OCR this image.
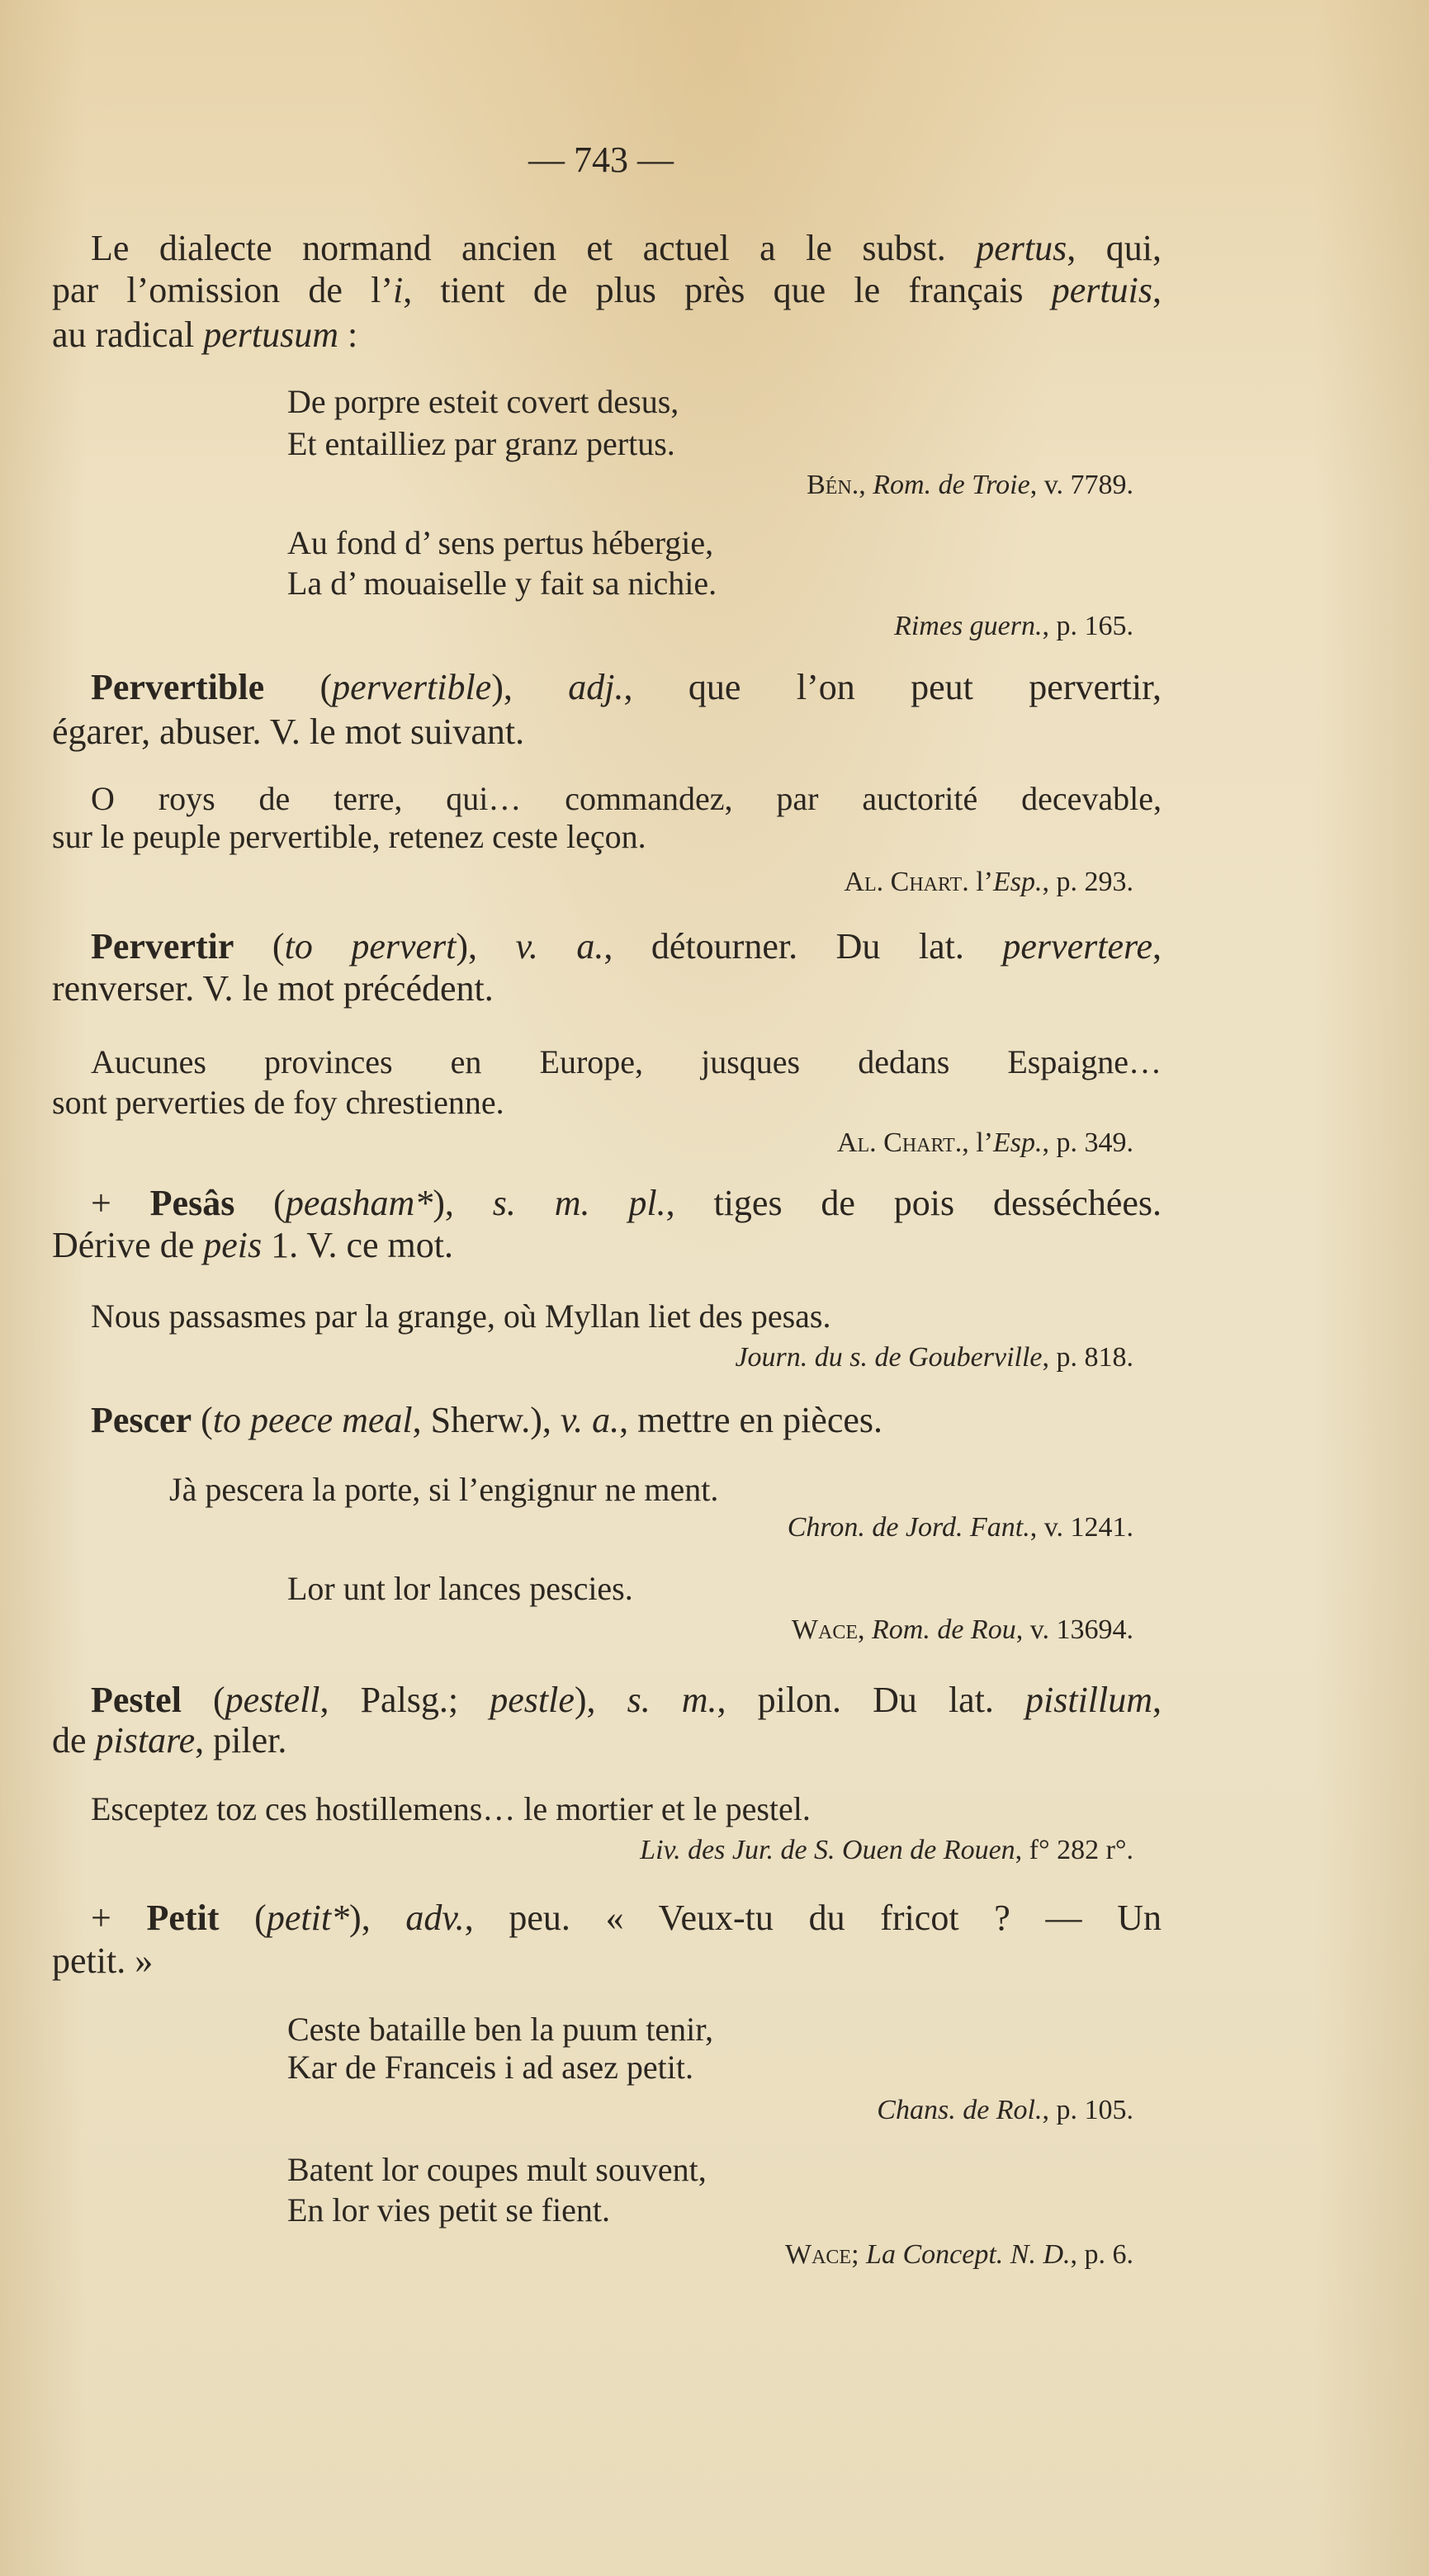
— 743 —
Le dialecte normand ancien et actuel a le subst. pertus, qui,
par l’omission de l’i, tient de plus près que le français pertuis,
au radical pertusum :
De porpre esteit covert desus,
Et entailliez par granz pertus.
Bén., Rom. de Troie, v. 7789.
Au fond d’ sens pertus hébergie,
La d’ mouaiselle y fait sa nichie.
Rimes guern., p. 165.
Pervertible (pervertible), adj., que l’on peut pervertir,
égarer, abuser. V. le mot suivant.
O roys de terre, qui… commandez, par auctorité decevable,
sur le peuple pervertible, retenez ceste leçon.
Al. Chart. l’Esp., p. 293.
Pervertir (to pervert), v. a., détourner. Du lat. pervertere,
renverser. V. le mot précédent.
Aucunes provinces en Europe, jusques dedans Espaigne…
sont perverties de foy chrestienne.
Al. Chart., l’Esp., p. 349.
+ Pesâs (peasham*), s. m. pl., tiges de pois desséchées.
Dérive de peis 1. V. ce mot.
Nous passasmes par la grange, où Myllan liet des pesas.
Journ. du s. de Gouberville, p. 818.
Pescer (to peece meal, Sherw.), v. a., mettre en pièces.
Jà pescera la porte, si l’engignur ne ment.
Chron. de Jord. Fant., v. 1241.
Lor unt lor lances pescies.
Wace, Rom. de Rou, v. 13694.
Pestel (pestell, Palsg.; pestle), s. m., pilon. Du lat. pistillum,
de pistare, piler.
Esceptez toz ces hostillemens… le mortier et le pestel.
Liv. des Jur. de S. Ouen de Rouen, f° 282 r°.
+ Petit (petit*), adv., peu. « Veux-tu du fricot ? — Un
petit. »
Ceste bataille ben la puum tenir,
Kar de Franceis i ad asez petit.
Chans. de Rol., p. 105.
Batent lor coupes mult souvent,
En lor vies petit se fient.
Wace; La Concept. N. D., p. 6.
